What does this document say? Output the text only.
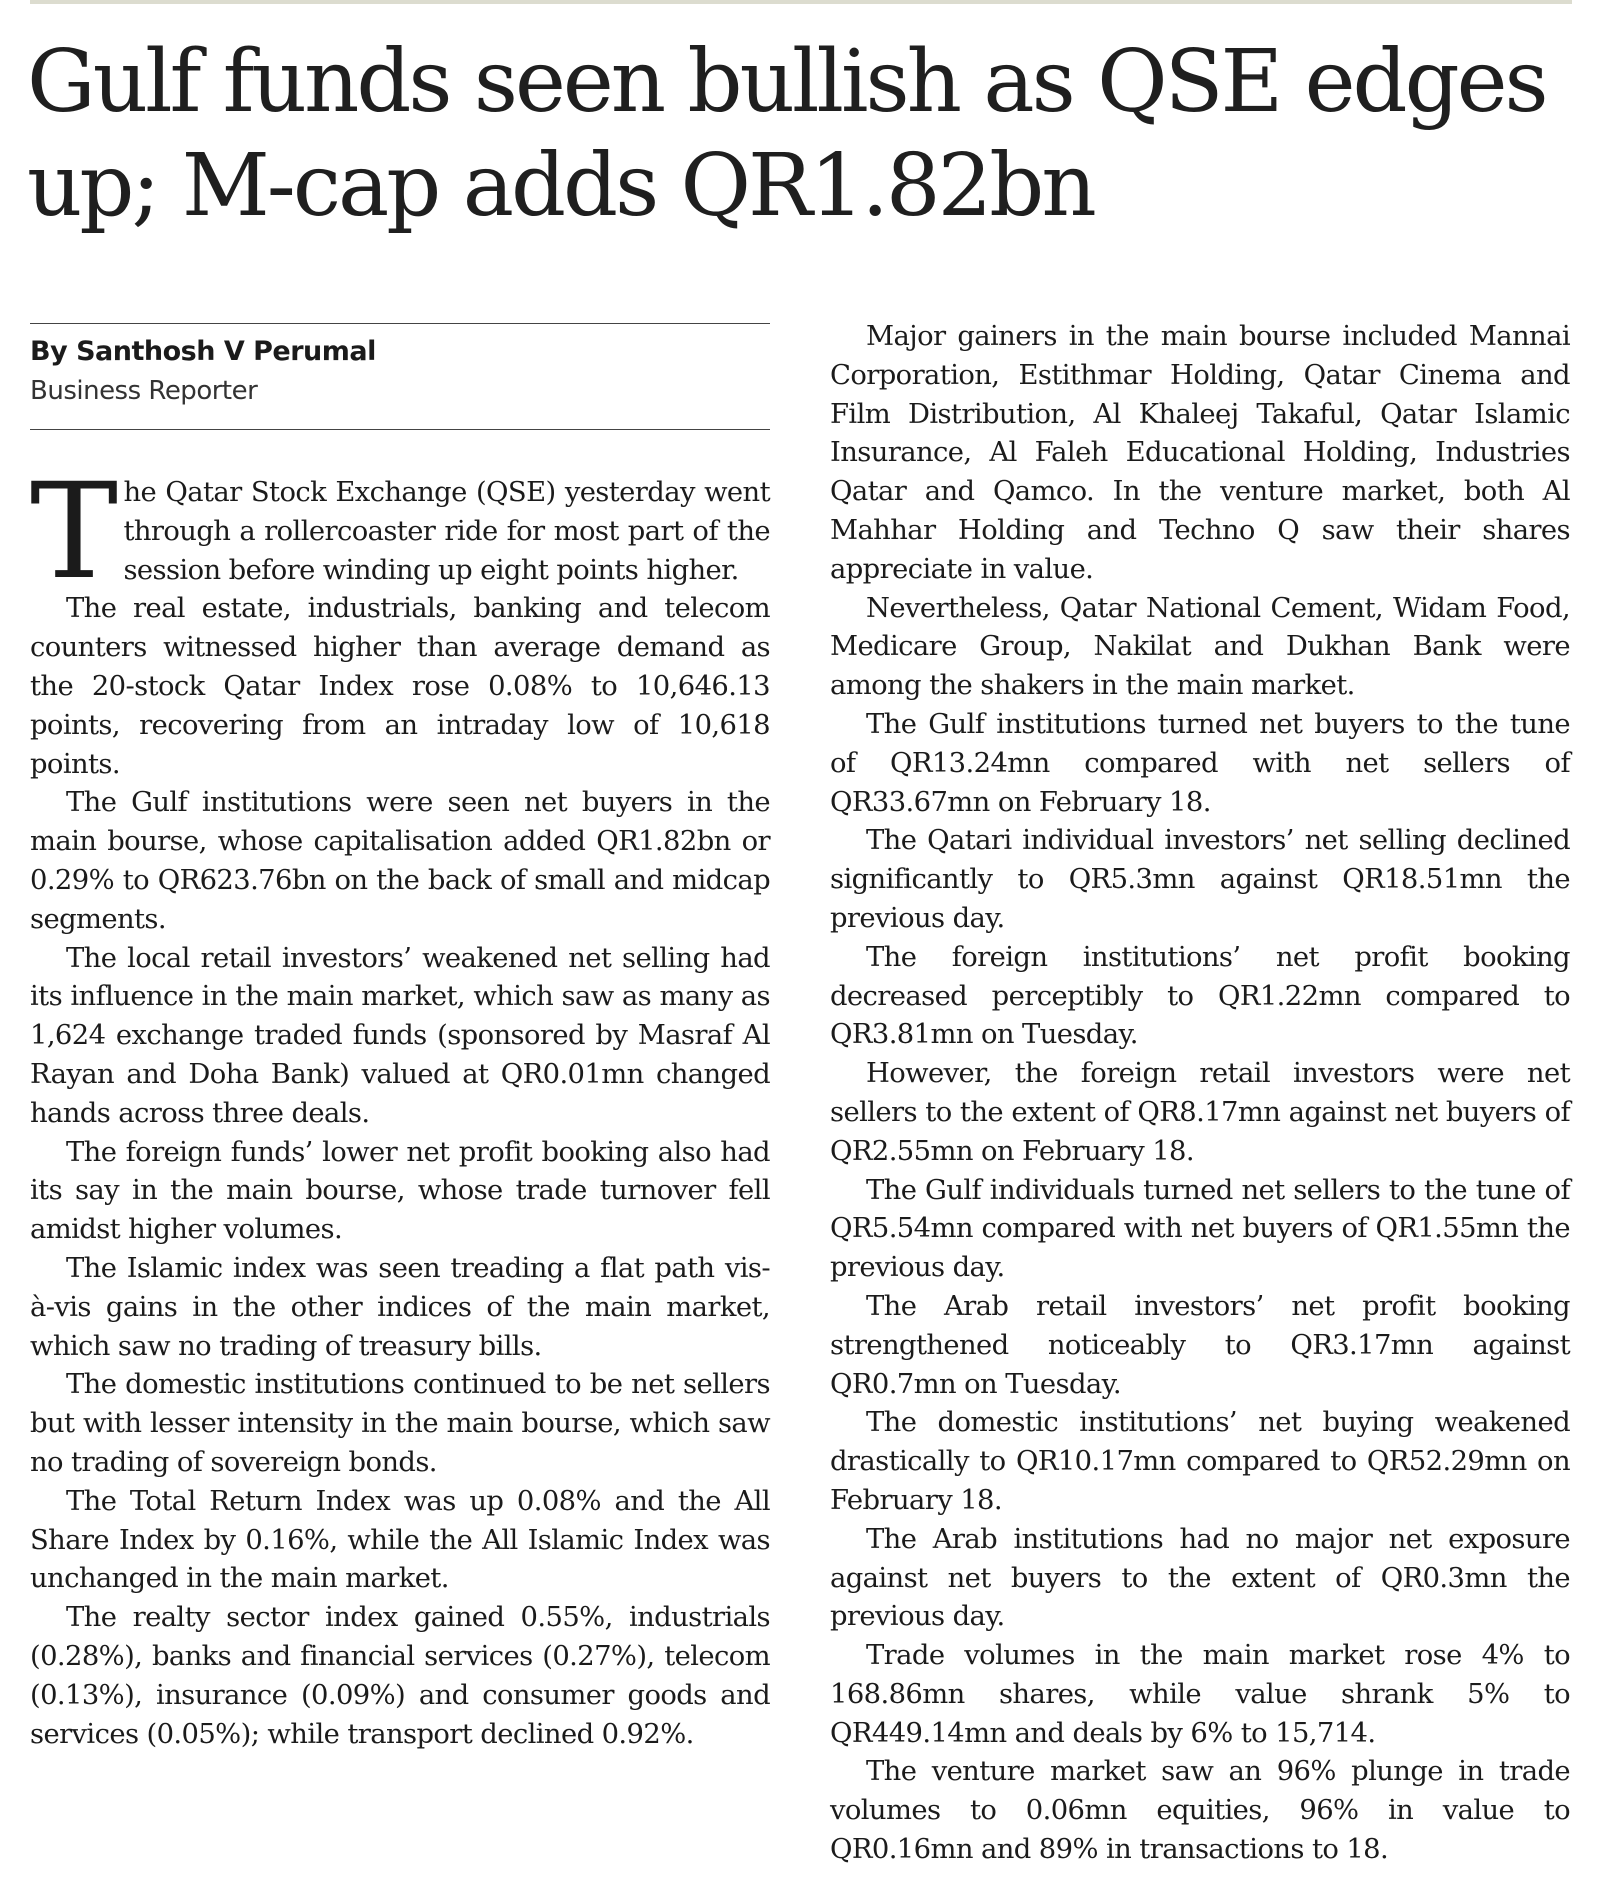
Gulf funds seen bullish as QSE edges up; M-cap adds QR1.82bn
By Santhosh V Perumal
Business Reporter

The Qatar Stock Exchange (QSE) yesterday went through a rollercoaster ride for most part of the session before winding up eight points higher.

The real estate, industrials, banking and telecom counters witnessed higher than average demand as the 20-stock Qatar Index rose 0.08% to 10,646.13 points, recovering from an intraday low of 10,618 points.

The Gulf institutions were seen net buyers in the main bourse, whose capitalisation added QR1.82bn or 0.29% to QR623.76bn on the back of small and midcap segments.

The local retail investors’ weakened net selling had its influence in the main market, which saw as many as 1,624 exchange traded funds (sponsored by Masraf Al Rayan and Doha Bank) valued at QR0.01mn changed hands across three deals.

The foreign funds’ lower net profit booking also had its say in the main bourse, whose trade turnover fell amidst higher volumes.

The Islamic index was seen treading a flat path vis-à-vis gains in the other indices of the main market, which saw no trading of treasury bills.

The domestic institutions continued to be net sellers but with lesser intensity in the main bourse, which saw no trading of sovereign bonds.

The Total Return Index was up 0.08% and the All Share Index by 0.16%, while the All Islamic Index was unchanged in the main market.

The realty sector index gained 0.55%, industrials (0.28%), banks and financial services (0.27%), telecom (0.13%), insurance (0.09%) and consumer goods and services (0.05%); while transport declined 0.92%.

Major gainers in the main bourse included Mannai Corporation, Estithmar Holding, Qatar Cinema and Film Distribution, Al Khaleej Takaful, Qatar Islamic Insurance, Al Faleh Educational Holding, Industries Qatar and Qamco. In the venture market, both Al Mahhar Holding and Techno Q saw their shares appreciate in value.

Nevertheless, Qatar National Cement, Widam Food, Medicare Group, Nakilat and Dukhan Bank were among the shakers in the main market.

The Gulf institutions turned net buyers to the tune of QR13.24mn compared with net sellers of QR33.67mn on February 18.

The Qatari individual investors’ net selling declined significantly to QR5.3mn against QR18.51mn the previous day.

The foreign institutions’ net profit booking decreased perceptibly to QR1.22mn compared to QR3.81mn on Tuesday.

However, the foreign retail investors were net sellers to the extent of QR8.17mn against net buyers of QR2.55mn on February 18.

The Gulf individuals turned net sellers to the tune of QR5.54mn compared with net buyers of QR1.55mn the previous day.

The Arab retail investors’ net profit booking strengthened noticeably to QR3.17mn against QR0.7mn on Tuesday.

The domestic institutions’ net buying weakened drastically to QR10.17mn compared to QR52.29mn on February 18.

The Arab institutions had no major net exposure against net buyers to the extent of QR0.3mn the previous day.

Trade volumes in the main market rose 4% to 168.86mn shares, while value shrank 5% to QR449.14mn and deals by 6% to 15,714.

The venture market saw an 96% plunge in trade volumes to 0.06mn equities, 96% in value to QR0.16mn and 89% in transactions to 18.
